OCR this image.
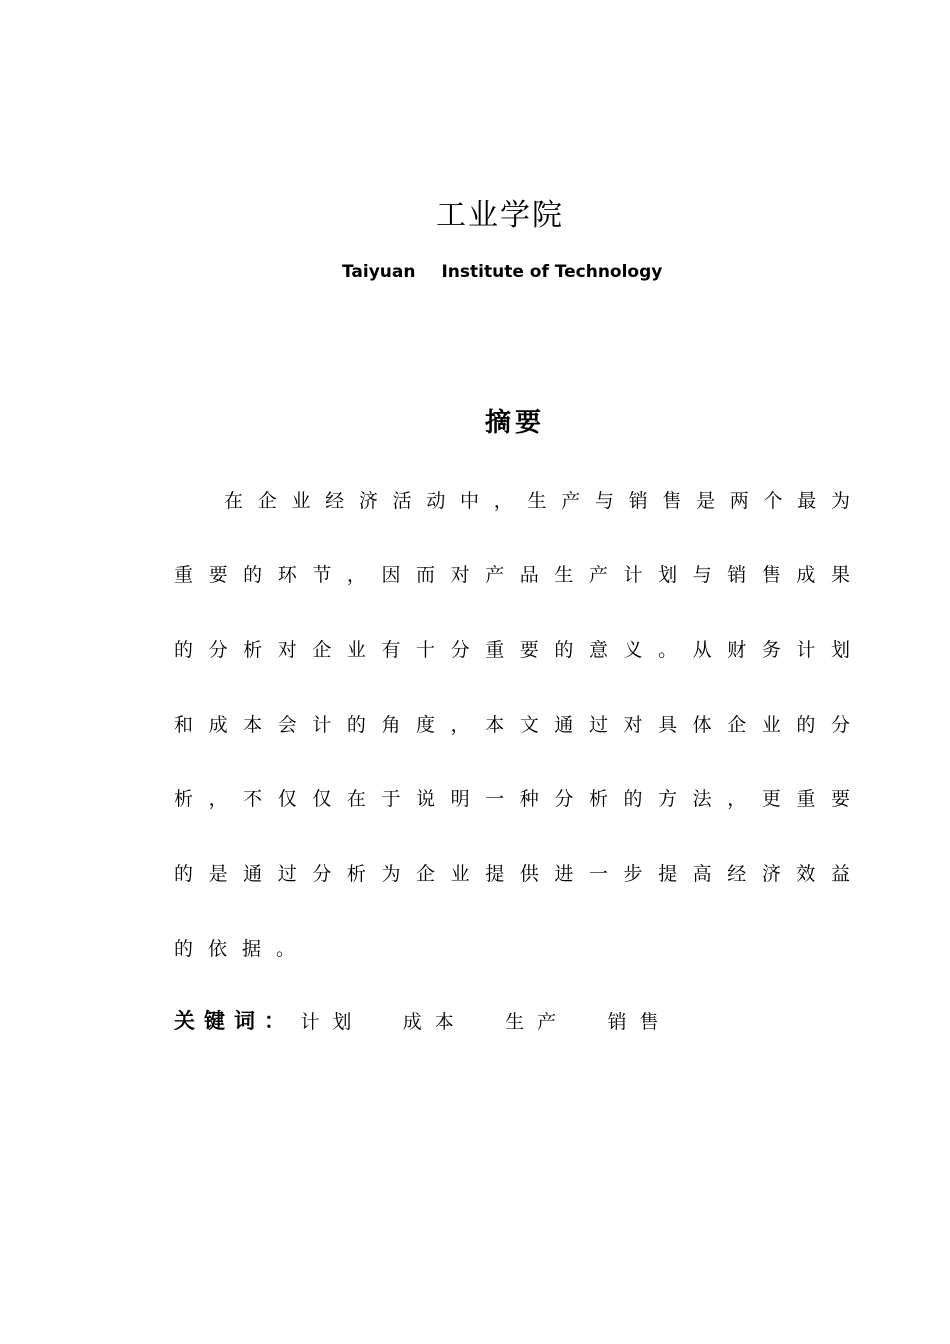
工业学院
Taiyuan Institute of Technology
摘要
在 企 业 经 济 活 动 中 ， 生 产 与 销 售 是 两 个 最 为
重 要 的 环 节 ， 因 而 对 产 品 生 产 计 划 与 销 售 成 果
的 分 析 对 企 业 有 十 分 重 要 的 意 义 。 从 财 务 计 划
和 成 本 会 计 的 角 度 ， 本 文 通 过 对 具 体 企 业 的 分
析 ， 不 仅 仅 在 于 说 明 一 种 分 析 的 方 法 ， 更 重 要
的 是 通 过 分 析 为 企 业 提 供 进 一 步 提 高 经 济 效 益
的 依 据 。
关键词： 计划 成本 生产 销售
